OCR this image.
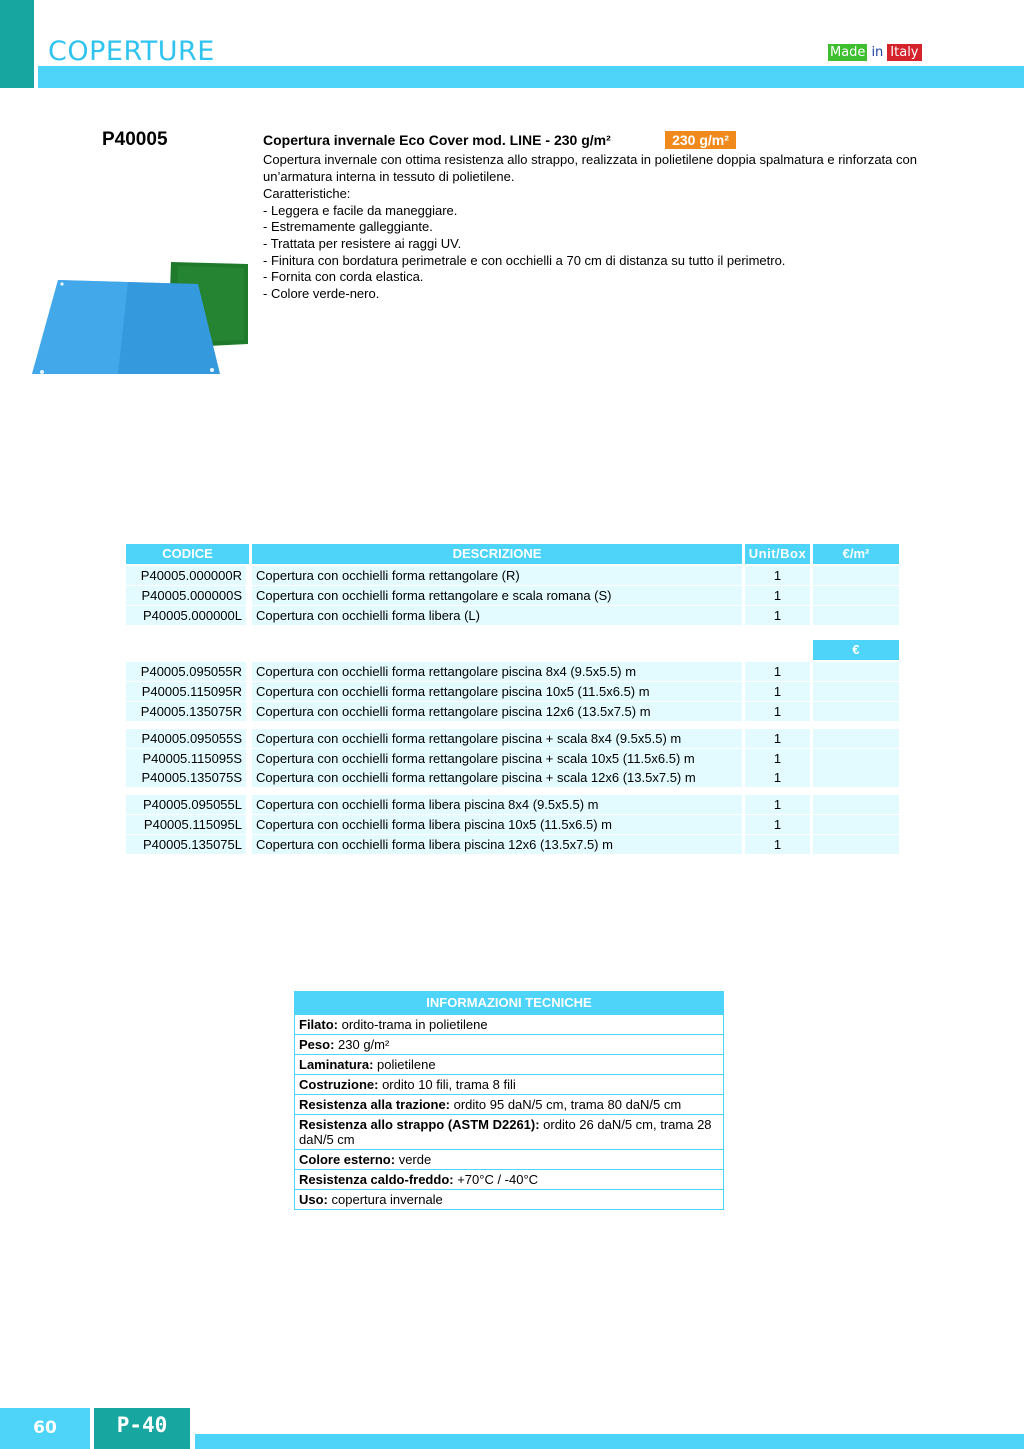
COPERTURE	Made in Italy
P40005	Copertura invernale Eco Cover mod. LINE - 230 g/m²	230 g/m²

Copertura invernale con ottima resistenza allo strappo, realizzata in polietilene doppia spalmatura e rinforzata con un’armatura interna in tessuto di polietilene.

Caratteristiche:

- Leggera e facile da maneggiare.

- Estremamente galleggiante.

- Trattata per resistere ai raggi UV.

- Finitura con bordatura perimetrale e con occhielli a 70 cm di distanza su tutto il perimetro.

- Fornita con corda elastica.

- Colore verde-nero.

CODICE	DESCRIZIONE	Unit/Box	€/m²
P40005.000000R	Copertura con occhielli forma rettangolare (R)	1
P40005.000000S	Copertura con occhielli forma rettangolare e scala romana (S)	1
P40005.000000L	Copertura con occhielli forma libera (L)	1
€
P40005.095055R	Copertura con occhielli forma rettangolare piscina 8x4 (9.5x5.5) m	1
P40005.115095R	Copertura con occhielli forma rettangolare piscina 10x5 (11.5x6.5) m	1
P40005.135075R	Copertura con occhielli forma rettangolare piscina 12x6 (13.5x7.5) m	1
P40005.095055S	Copertura con occhielli forma rettangolare piscina + scala 8x4 (9.5x5.5) m	1
P40005.115095S	Copertura con occhielli forma rettangolare piscina + scala 10x5 (11.5x6.5) m	1
P40005.135075S	Copertura con occhielli forma rettangolare piscina + scala 12x6 (13.5x7.5) m	1
P40005.095055L	Copertura con occhielli forma libera piscina 8x4 (9.5x5.5) m	1
P40005.115095L	Copertura con occhielli forma libera piscina 10x5 (11.5x6.5) m	1
P40005.135075L	Copertura con occhielli forma libera piscina 12x6 (13.5x7.5) m	1
INFORMAZIONI TECNICHE
Filato: ordito-trama in polietilene
Peso: 230 g/m²
Laminatura: polietilene
Costruzione: ordito 10 fili, trama 8 fili
Resistenza alla trazione: ordito 95 daN/5 cm, trama 80 daN/5 cm
Resistenza allo strappo (ASTM D2261): ordito 26 daN/5 cm, trama 28 daN/5 cm
Colore esterno: verde
Resistenza caldo-freddo: +70°C / -40°C
Uso: copertura invernale
60	P-40
